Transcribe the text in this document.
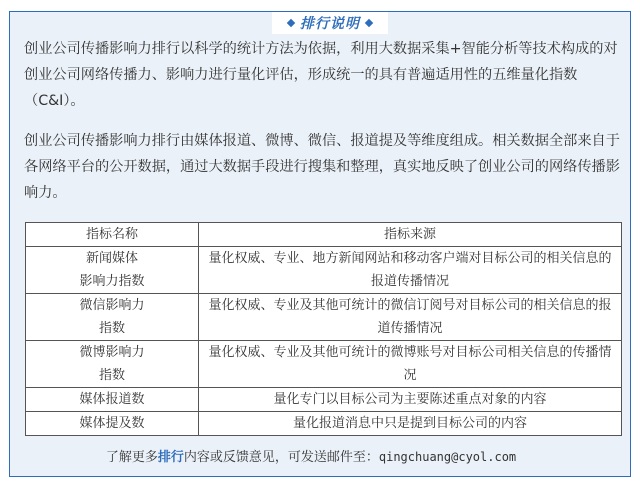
排行说明

创业公司传播影响力排行以科学的统计方法为依据，利用大数据采集+智能分析等技术构成的对创业公司网络传播力、影响力进行量化评估，形成统一的具有普遍适用性的五维量化指数（C&I）。

创业公司传播影响力排行由媒体报道、微博、微信、报道提及等维度组成。相关数据全部来自于各网络平台的公开数据，通过大数据手段进行搜集和整理，真实地反映了创业公司的网络传播影响力。

指标名称	指标来源

新闻媒体
影响力指数	量化权威、专业、地方新闻网站和移动客户端对目标公司的相关信息的报道传播情况

微信影响力
指数	量化权威、专业及其他可统计的微信订阅号对目标公司的相关信息的报道传播情况

微博影响力
指数	量化权威、专业及其他可统计的微博账号对目标公司相关信息的传播情况
媒体报道数	量化专门以目标公司为主要陈述重点对象的内容
媒体提及数	量化报道消息中只是提到目标公司的内容
了解更多排行内容或反馈意见，可发送邮件至：qingchuang@cyol.com
